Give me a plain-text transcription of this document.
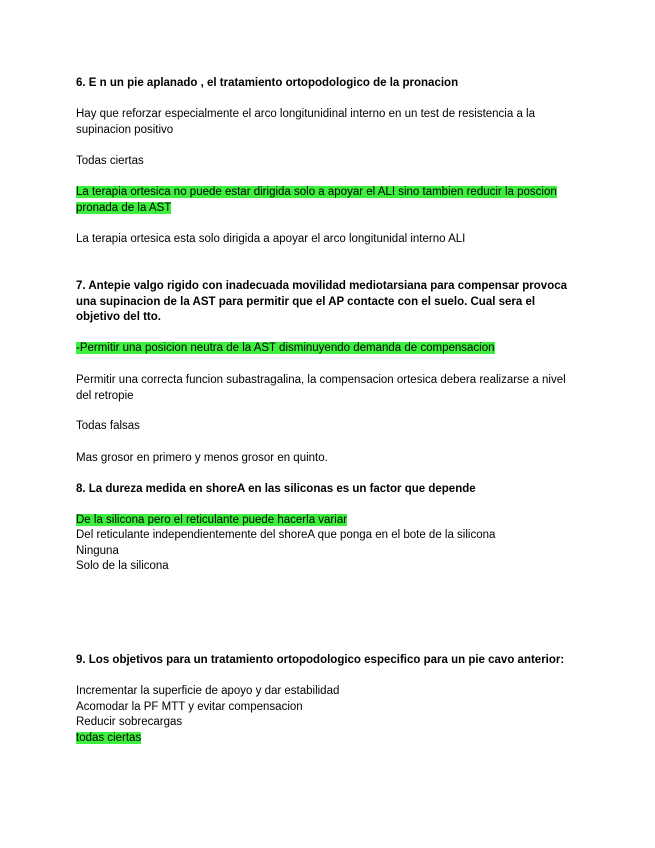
6. E n un pie aplanado , el tratamiento ortopodologico de la pronacion

Hay que reforzar especialmente el arco longitunidinal interno en un test de resistencia a la supinacion positivo

Todas ciertas

La terapia ortesica no puede estar dirigida solo a apoyar el ALI sino tambien reducir la poscion pronada de la AST

La terapia ortesica esta solo dirigida a apoyar el arco longitunidal interno ALI

7. Antepie valgo rigido con inadecuada movilidad mediotarsiana para compensar provoca una supinacion de la AST para permitir que el AP contacte con el suelo. Cual sera el objetivo del tto.

-Permitir una posicion neutra de la AST disminuyendo demanda de compensacion

Permitir una correcta funcion subastragalina, la compensacion ortesica debera realizarse a nivel del retropie

Todas falsas

Mas grosor en primero y menos grosor en quinto.

8. La dureza medida en shoreA en las siliconas es un factor que depende

De la silicona pero el reticulante puede hacerla variar

Del reticulante independientemente del shoreA que ponga en el bote de la silicona

Ninguna

Solo de la silicona

9. Los objetivos para un tratamiento ortopodologico especifico para un pie cavo anterior:

Incrementar la superficie de apoyo y dar estabilidad

Acomodar la PF MTT y evitar compensacion

Reducir sobrecargas

todas ciertas
